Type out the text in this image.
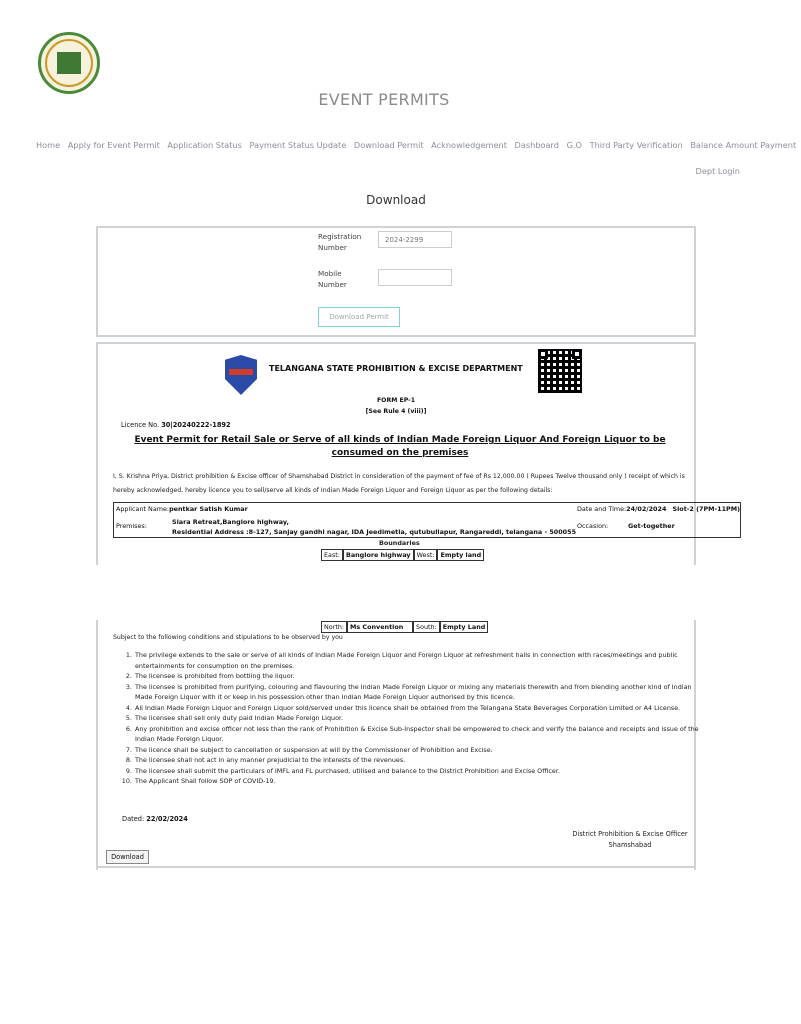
EVENT PERMITS
Home Apply for Event Permit Application Status Payment Status Update Download Permit Acknowledgement Dashboard G.O Third Party Verification Balance Amount Payment
Dept Login
Download
Registration
Number
2024-2299
Mobile
Number
Download Permit
TELANGANA STATE PROHIBITION & EXCISE DEPARTMENT
FORM EP-1
[See Rule 4 (viii)]
Licence No. 30|20240222-1892
Event Permit for Retail Sale or Serve of all kinds of Indian Made Foreign Liquor And Foreign Liquor to be consumed on the premises
I, S. Krishna Priya, District prohibition & Excise officer of Shamshabad District in consideration of the payment of fee of Rs 12,000.00 ( Rupees Twelve thousand only ) receipt of which is hereby acknowledged, hereby licence you to sell/serve all kinds of Indian Made Foreign Liquor and Foreign Liquor as per the following details:
Applicant Name:pentkar Satish Kumar	Date and Time:24/02/2024 Slot-2 (7PM-11PM)
Premises:	Siara Retreat,Banglore highway,
Residential Address :8-127, Sanjay gandhi nagar, IDA Jeedimetla, qutubullapur, Rangareddi, telangana - 500055
Occasion:	Get-together
Boundaries
East: Banglore highway West: Empty land
North: Ms Convention	South: Empty Land
Subject to the following conditions and stipulations to be observed by you
1. The privilege extends to the sale or serve of all kinds of Indian Made Foreign Liquor and Foreign Liquor at refreshment halls in connection with races/meetings and public entertainments for consumption on the premises.
2. The licensee is prohibited from bottling the liquor.
3. The licensee is prohibited from purifying, colouring and flavouring the Indian Made Foreign Liquor or mixing any materials therewith and from blending another kind of Indian Made Foreign Liquor with it or keep in his possession other than Indian Made Foreign Liquor authorised by this licence.
4. All Indian Made Foreign Liquor and Foreign Liquor sold/served under this licence shall be obtained from the Telangana State Beverages Corporation Limited or A4 License.
5. The licensee shall sell only duty paid Indian Made Foreign Liquor.
6. Any prohibition and excise officer not less than the rank of Prohibition & Excise Sub-Inspector shall be empowered to check and verify the balance and receipts and issue of the Indian Made Foreign Liquor.
7. The licence shall be subject to cancellation or suspension at will by the Commissioner of Prohibition and Excise.
8. The licensee shall not act in any manner prejudicial to the interests of the revenues.
9. The licensee shall submit the particulars of IMFL and FL purchased, utilised and balance to the District Prohibition and Excise Officer.
10. The Applicant Shall follow SOP of COVID-19.
Dated: 22/02/2024
District Prohibition & Excise Officer
Shamshabad
Download
